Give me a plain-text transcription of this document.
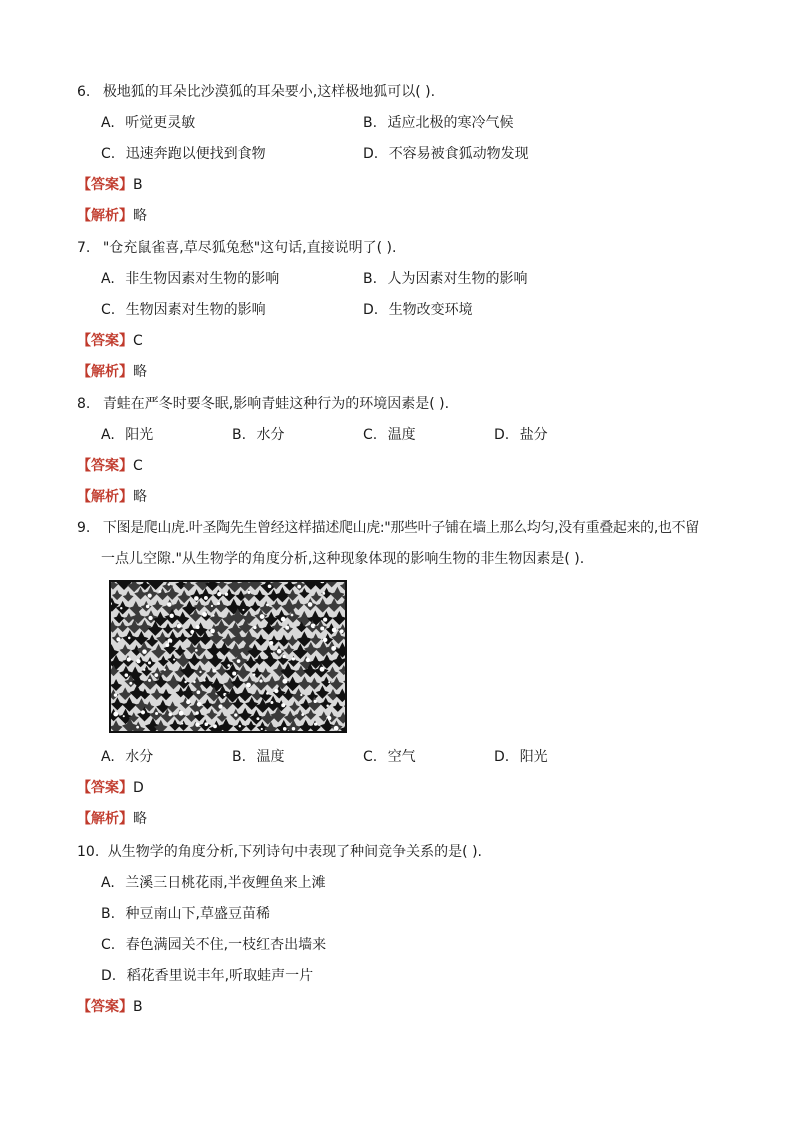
6. 极地狐的耳朵比沙漠狐的耳朵要小,这样极地狐可以( ).
A. 听觉更灵敏	B. 适应北极的寒冷气候
C. 迅速奔跑以便找到食物	D. 不容易被食狐动物发现
【答案】B
【解析】略
7. "仓充鼠雀喜,草尽狐兔愁"这句话,直接说明了( ).
A. 非生物因素对生物的影响	B. 人为因素对生物的影响
C. 生物因素对生物的影响	D. 生物改变环境
【答案】C
【解析】略
8. 青蛙在严冬时要冬眠,影响青蛙这种行为的环境因素是( ).
A. 阳光	B. 水分	C. 温度	D. 盐分
【答案】C
【解析】略
9. 下图是爬山虎.叶圣陶先生曾经这样描述爬山虎:"那些叶子铺在墙上那么均匀,没有重叠起来的,也不留
一点儿空隙."从生物学的角度分析,这种现象体现的影响生物的非生物因素是( ).
A. 水分	B. 温度	C. 空气	D. 阳光
【答案】D
【解析】略
10. 从生物学的角度分析,下列诗句中表现了种间竞争关系的是( ).
A. 兰溪三日桃花雨,半夜鲤鱼来上滩
B. 种豆南山下,草盛豆苗稀
C. 春色满园关不住,一枝红杏出墙来
D. 稻花香里说丰年,听取蛙声一片
【答案】B
